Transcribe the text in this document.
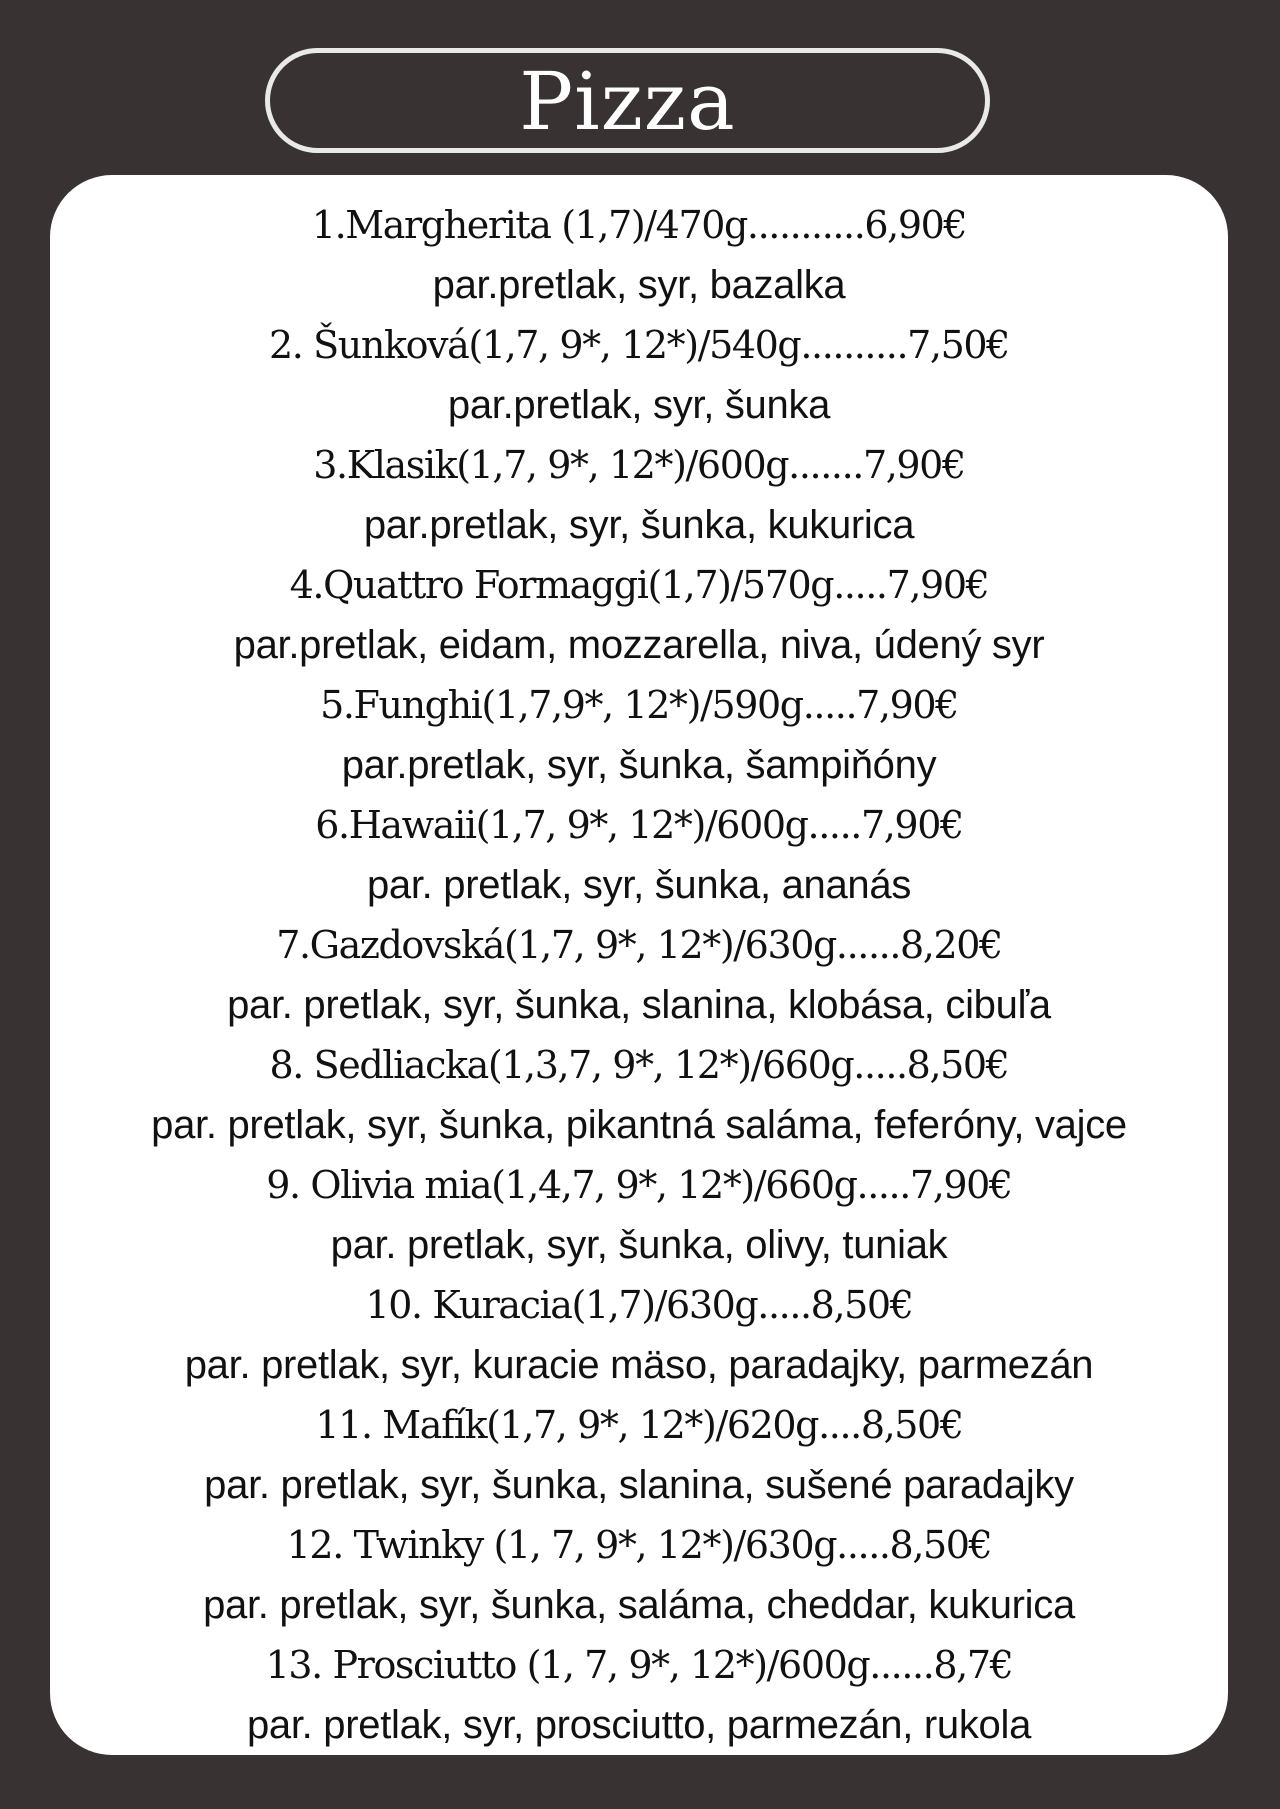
Pizza
1.Margherita (1,7)/470g...........6,90€
par.pretlak, syr, bazalka
2. Šunková(1,7, 9*, 12*)/540g..........7,50€
par.pretlak, syr, šunka
3.Klasik(1,7, 9*, 12*)/600g.......7,90€
par.pretlak, syr, šunka, kukurica
4.Quattro Formaggi(1,7)/570g.....7,90€
par.pretlak, eidam, mozzarella, niva, údený syr
5.Funghi(1,7,9*, 12*)/590g.....7,90€
par.pretlak, syr, šunka, šampiňóny
6.Hawaii(1,7, 9*, 12*)/600g.....7,90€
par. pretlak, syr, šunka, ananás
7.Gazdovská(1,7, 9*, 12*)/630g......8,20€
par. pretlak, syr, šunka, slanina, klobása, cibuľa
8. Sedliacka(1,3,7, 9*, 12*)/660g.....8,50€
par. pretlak, syr, šunka, pikantná saláma, feferóny, vajce
9. Olivia mia(1,4,7, 9*, 12*)/660g.....7,90€
par. pretlak, syr, šunka, olivy, tuniak
10. Kuracia(1,7)/630g.....8,50€
par. pretlak, syr, kuracie mäso, paradajky, parmezán
11. Mafík(1,7, 9*, 12*)/620g....8,50€
par. pretlak, syr, šunka, slanina, sušené paradajky
12. Twinky (1, 7, 9*, 12*)/630g.....8,50€
par. pretlak, syr, šunka, saláma, cheddar, kukurica
13. Prosciutto (1, 7, 9*, 12*)/600g......8,7€
par. pretlak, syr, prosciutto, parmezán, rukola
